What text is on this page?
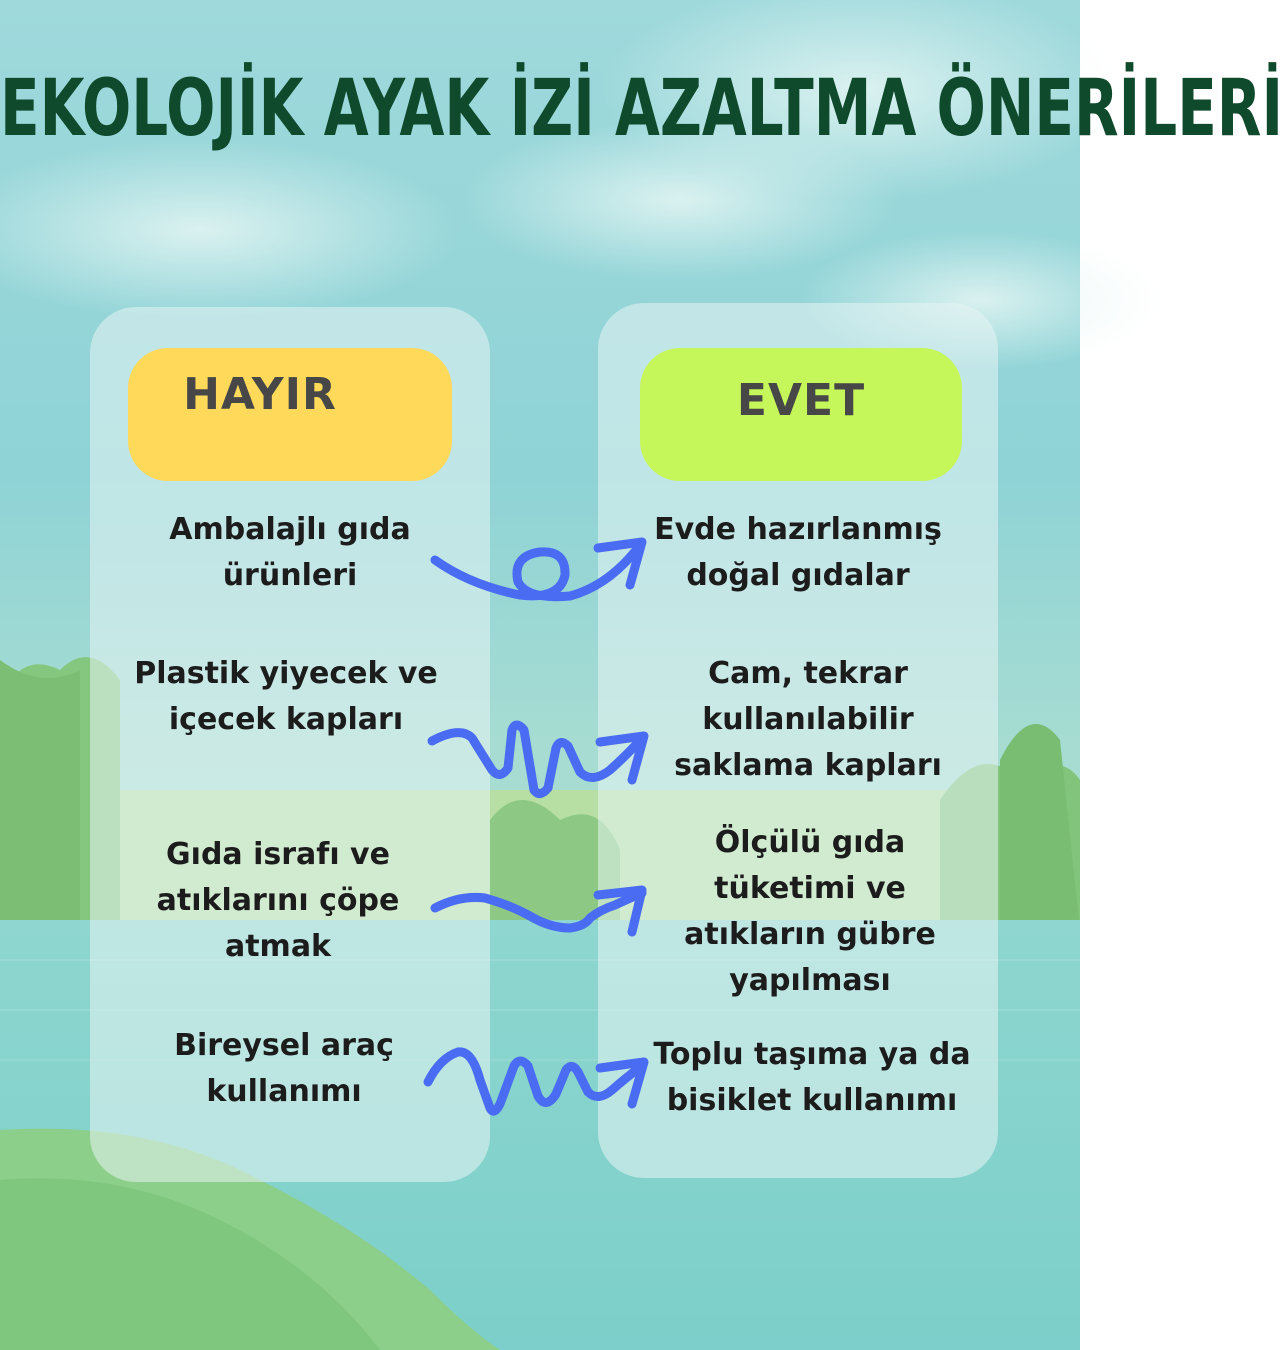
EKOLOJİK AYAK İZİ AZALTMA ÖNERİLERİ
HAYIR	EVET
Ambalajlı gıda
ürünleri
Plastik yiyecek ve
içecek kapları
Gıda israfı ve
atıklarını çöpe
atmak
Bireysel araç
kullanımı
Evde hazırlanmış
doğal gıdalar
Cam, tekrar
kullanılabilir
saklama kapları
Ölçülü gıda
tüketimi ve
atıkların gübre
yapılması
Toplu taşıma ya da
bisiklet kullanımı
